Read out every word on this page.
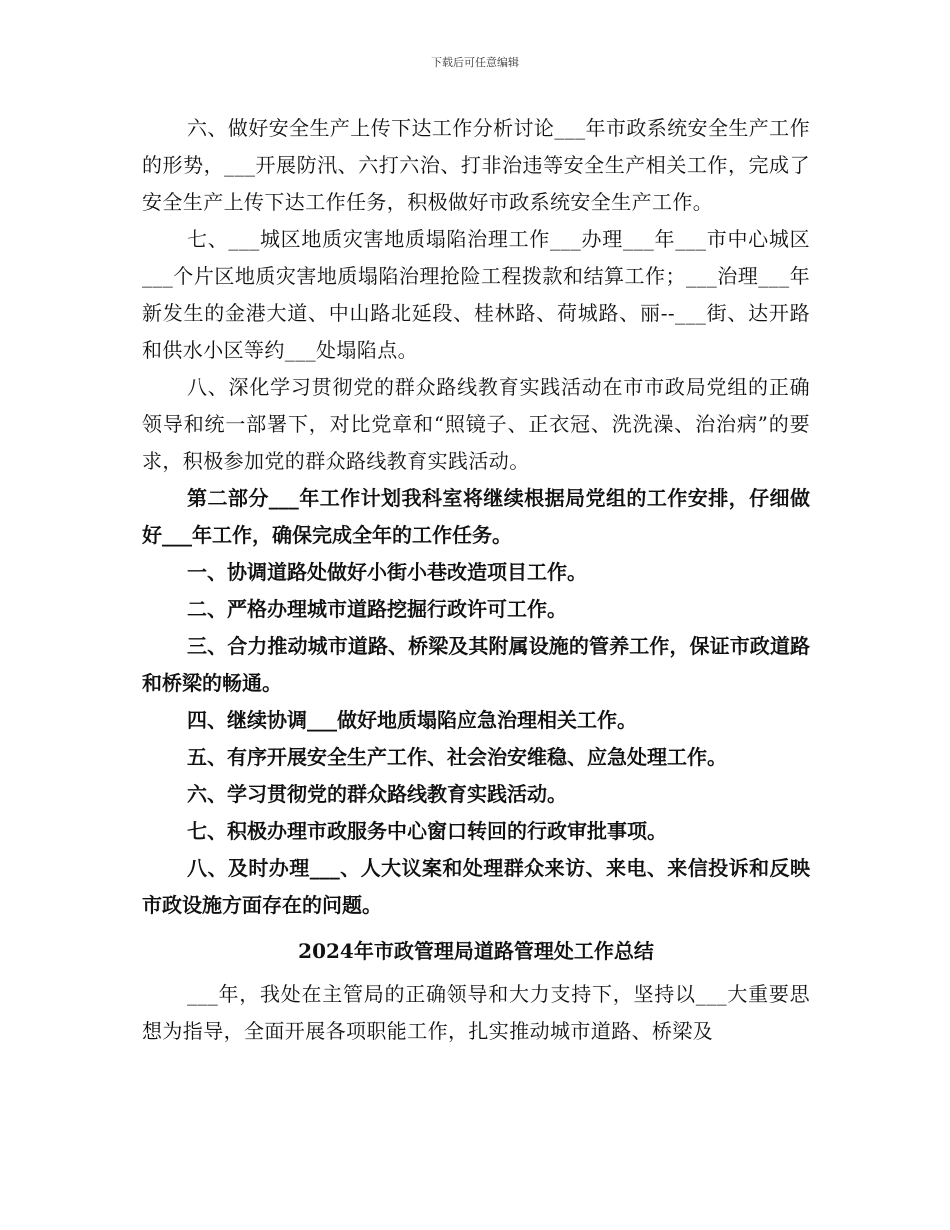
下载后可任意编辑

六、做好安全生产上传下达工作分析讨论___年市政系统安全生产工作的形势，___开展防汛、六打六治、打非治违等安全生产相关工作，完成了安全生产上传下达工作任务，积极做好市政系统安全生产工作。

七、___城区地质灾害地质塌陷治理工作___办理___年___市中心城区___个片区地质灾害地质塌陷治理抢险工程拨款和结算工作；___治理___年新发生的金港大道、中山路北延段、桂林路、荷城路、丽--___街、达开路和供水小区等约___处塌陷点。

八、深化学习贯彻党的群众路线教育实践活动在市市政局党组的正确领导和统一部署下，对比党章和“照镜子、正衣冠、洗洗澡、治治病”的要求，积极参加党的群众路线教育实践活动。

第二部分___年工作计划我科室将继续根据局党组的工作安排，仔细做好___年工作，确保完成全年的工作任务。

一、协调道路处做好小街小巷改造项目工作。

二、严格办理城市道路挖掘行政许可工作。

三、合力推动城市道路、桥梁及其附属设施的管养工作，保证市政道路和桥梁的畅通。

四、继续协调___做好地质塌陷应急治理相关工作。

五、有序开展安全生产工作、社会治安维稳、应急处理工作。

六、学习贯彻党的群众路线教育实践活动。

七、积极办理市政服务中心窗口转回的行政审批事项。

八、及时办理___、人大议案和处理群众来访、来电、来信投诉和反映市政设施方面存在的问题。

2024年市政管理局道路管理处工作总结

___年，我处在主管局的正确领导和大力支持下，坚持以___大重要思想为指导，全面开展各项职能工作，扎实推动城市道路、桥梁及
